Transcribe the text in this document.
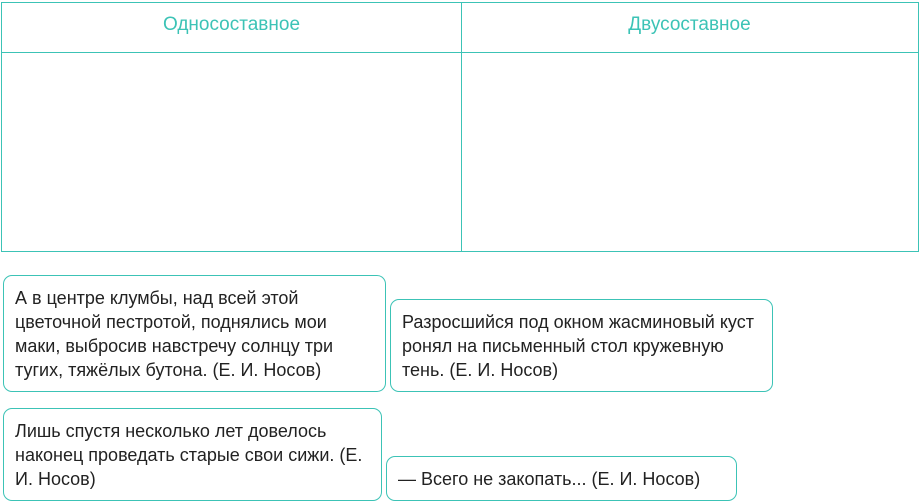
Односоставное	Двусоставное
А в центре клумбы, над всей этой цветочной пестротой, поднялись мои маки, выбросив навстречу солнцу три тугих, тяжёлых бутона. (Е. И. Носов)
Разросшийся под окном жасминовый куст ронял на письменный стол кружевную тень. (Е. И. Носов)
Лишь спустя несколько лет довелось наконец проведать старые свои сижи. (Е. И. Носов)	— Всего не закопать... (Е. И. Носов)
